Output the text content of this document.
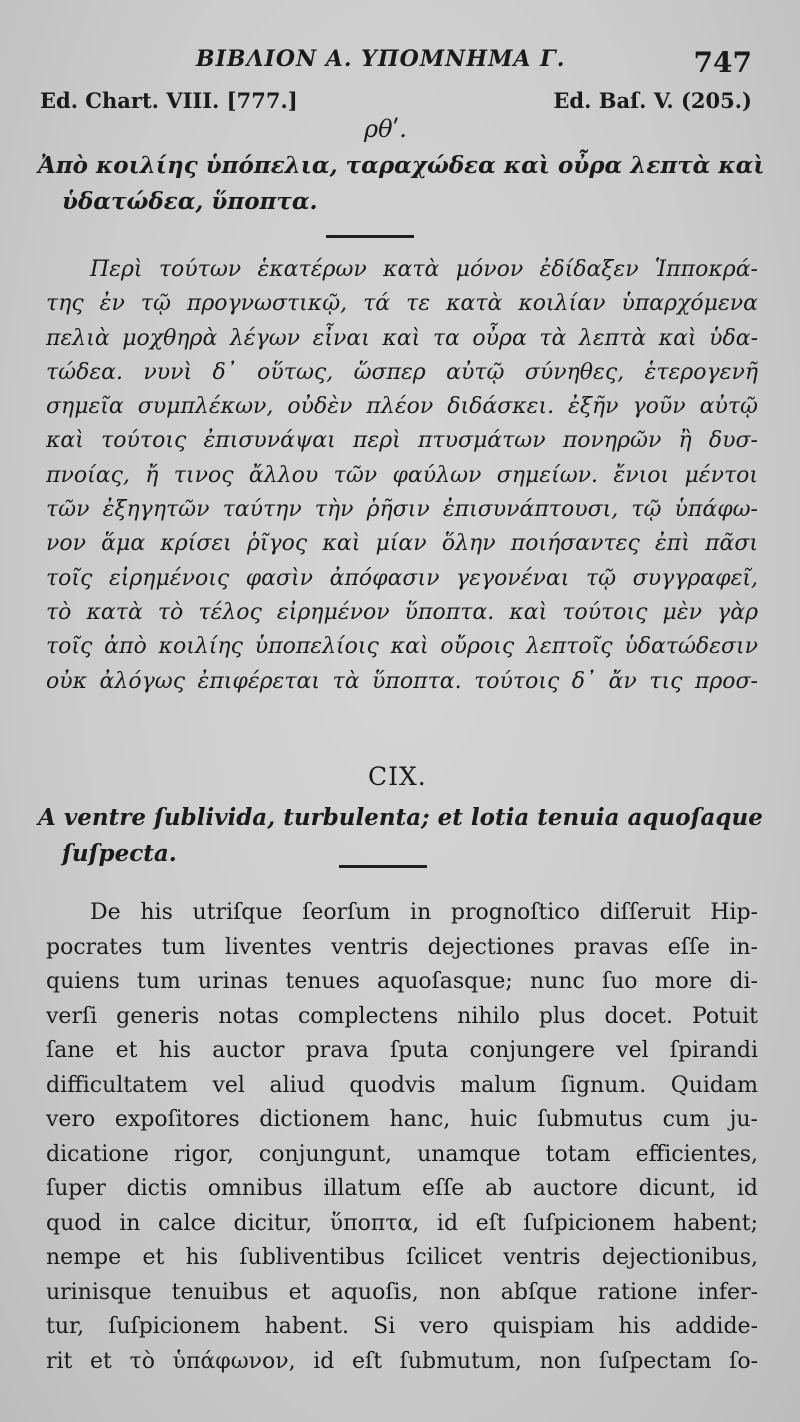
ΒΙΒΛΙΟΝ Α. ΥΠΟΜΝΗΜΑ Γ.	747
Ed. Chart. VIII. [777.]	Ed. Baſ. V. (205.)
ρθʹ.
Ἀπὸ κοιλίης ὑπόπελια, ταραχώδεα καὶ οὖρα λεπτὰ καὶ
ὑδατώδεα, ὕποπτα.
Περὶ τούτων ἑκατέρων κατὰ μόνον ἐδίδαξεν Ἱπποκρά-
της ἐν τῷ προγνωστικῷ, τά τε κατὰ κοιλίαν ὑπαρχόμενα
πελιὰ μοχθηρὰ λέγων εἶναι καὶ τα οὖρα τὰ λεπτὰ καὶ ὑδα-
τώδεα. νυνὶ δ᾽ οὕτως, ὥσπερ αὐτῷ σύνηθες, ἑτερογενῆ
σημεῖα συμπλέκων, οὐδὲν πλέον διδάσκει. ἐξῆν γοῦν αὐτῷ
καὶ τούτοις ἐπισυνάψαι περὶ πτυσμάτων πονηρῶν ἢ δυσ-
πνοίας, ἤ τινος ἄλλου τῶν φαύλων σημείων. ἔνιοι μέντοι
τῶν ἐξηγητῶν ταύτην τὴν ῥῆσιν ἐπισυνάπτουσι, τῷ ὑπάφω-
νον ἅμα κρίσει ῥῖγος καὶ μίαν ὅλην ποιήσαντες ἐπὶ πᾶσι
τοῖς εἰρημένοις φασὶν ἀπόφασιν γεγονέναι τῷ συγγραφεῖ,
τὸ κατὰ τὸ τέλος εἰρημένον ὕποπτα. καὶ τούτοις μὲν γὰρ
τοῖς ἀπὸ κοιλίης ὑποπελίοις καὶ οὔροις λεπτοῖς ὑδατώδεσιν
οὐκ ἀλόγως ἐπιφέρεται τὰ ὕποπτα. τούτοις δ᾽ ἄν τις προσ-
CIX.
A ventre ſublivida, turbulenta; et lotia tenuia aquoſaque
ſuſpecta.
De his utriſque ſeorſum in prognoſtico diſſeruit Hip-
pocrates tum liventes ventris dejectiones pravas eſſe in-
quiens tum urinas tenues aquoſasque; nunc ſuo more di-
verſi generis notas complectens nihilo plus docet. Potuit
ſane et his auctor prava ſputa conjungere vel ſpirandi
difficultatem vel aliud quodvis malum ſignum. Quidam
vero expoſitores dictionem hanc, huic ſubmutus cum ju-
dicatione rigor, conjungunt, unamque totam efficientes,
ſuper dictis omnibus illatum eſſe ab auctore dicunt, id
quod in calce dicitur, ὕποπτα, id eſt ſuſpicionem habent;
nempe et his ſubliventibus ſcilicet ventris dejectionibus,
urinisque tenuibus et aquoſis, non abſque ratione infer-
tur, ſuſpicionem habent. Si vero quispiam his addide-
rit et τὸ ὑπάφωνον, id eſt ſubmutum, non ſuſpectam ſo-
